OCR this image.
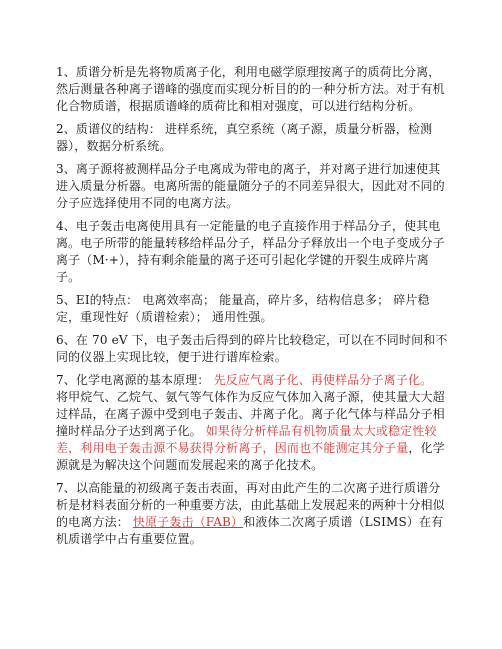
1、质谱分析是先将物质离子化，利用电磁学原理按离子的质荷比分离，然后测量各种离子谱峰的强度而实现分析目的的一种分析方法。对于有机化合物质谱，根据质谱峰的质荷比和相对强度，可以进行结构分析。

2、质谱仪的结构： 进样系统，真空系统（离子源，质量分析器，检测器），数据分析系统。

3、离子源将被测样品分子电离成为带电的离子，并对离子进行加速使其进入质量分析器。电离所需的能量随分子的不同差异很大，因此对不同的分子应选择使用不同的电离方法。

4、电子轰击电离使用具有一定能量的电子直接作用于样品分子，使其电离。电子所带的能量转移给样品分子，样品分子释放出一个电子变成分子离子（M·+），持有剩余能量的离子还可引起化学键的开裂生成碎片离子。

5、EI的特点： 电离效率高； 能量高，碎片多，结构信息多； 碎片稳定，重现性好（质谱检索）； 通用性强。

6、在 70 eV 下，电子轰击后得到的碎片比较稳定，可以在不同时间和不同的仪器上实现比较，便于进行谱库检索。

7、化学电离源的基本原理： 先反应气离子化、再使样品分子离子化。 将甲烷气、乙烷气、氨气等气体作为反应气体加入离子源，使其量大大超过样品，在离子源中受到电子轰击、并离子化。离子化气体与样品分子相撞时样品分子达到离子化。 如果待分析样品有机物质量太大或稳定性较差，利用电子轰击源不易获得分析离子，因而也不能测定其分子量，化学源就是为解决这个问题而发展起来的离子化技术。

7、以高能量的初级离子轰击表面，再对由此产生的二次离子进行质谱分析是材料表面分析的一种重要方法，由此基础上发展起来的两种十分相似的电离方法： 快原子轰击（FAB）和液体二次离子质谱（LSIMS）在有机质谱学中占有重要位置。
